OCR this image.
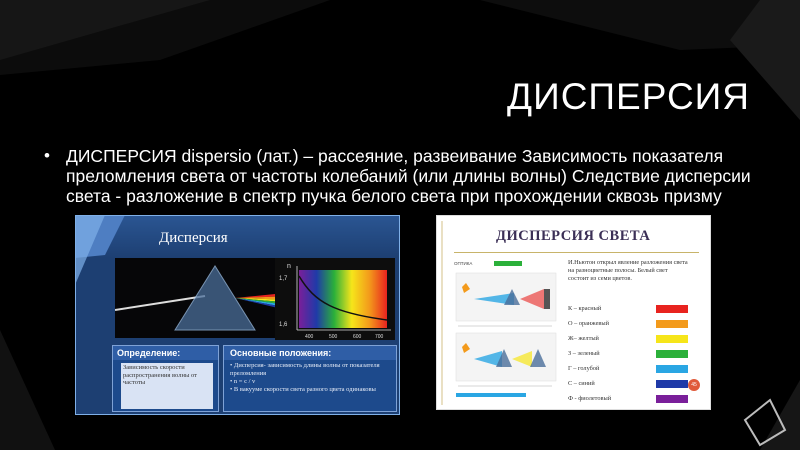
ДИСПЕРСИЯ
• ДИСПЕРСИЯ dispersio (лат.) – рассеяние, развеивание Зависимость показателя преломления света от частоты колебаний (или длины волны) Следствие дисперсии света - разложение в спектр пучка белого света при прохождении сквозь призму
Дисперсия
n
1,7
1,6
400	500	600	700
Определение:
Зависимость скорости распространения волны от частоты
Основные положения:
• Дисперсия- зависимость длины волны от показателя преломления
• n = c / v
• В вакууме скорости света разного цвета одинаковы
ДИСПЕРСИЯ СВЕТА
ОПТИКА	И.Ньютон открыл явление разложения света на разноцветные полосы. Белый свет состоит из семи цветов.
К – красный
О – оранжевый
Ж– желтый
З – зеленый
Г – голубой
С – синий
Ф - фиолетовый
45
